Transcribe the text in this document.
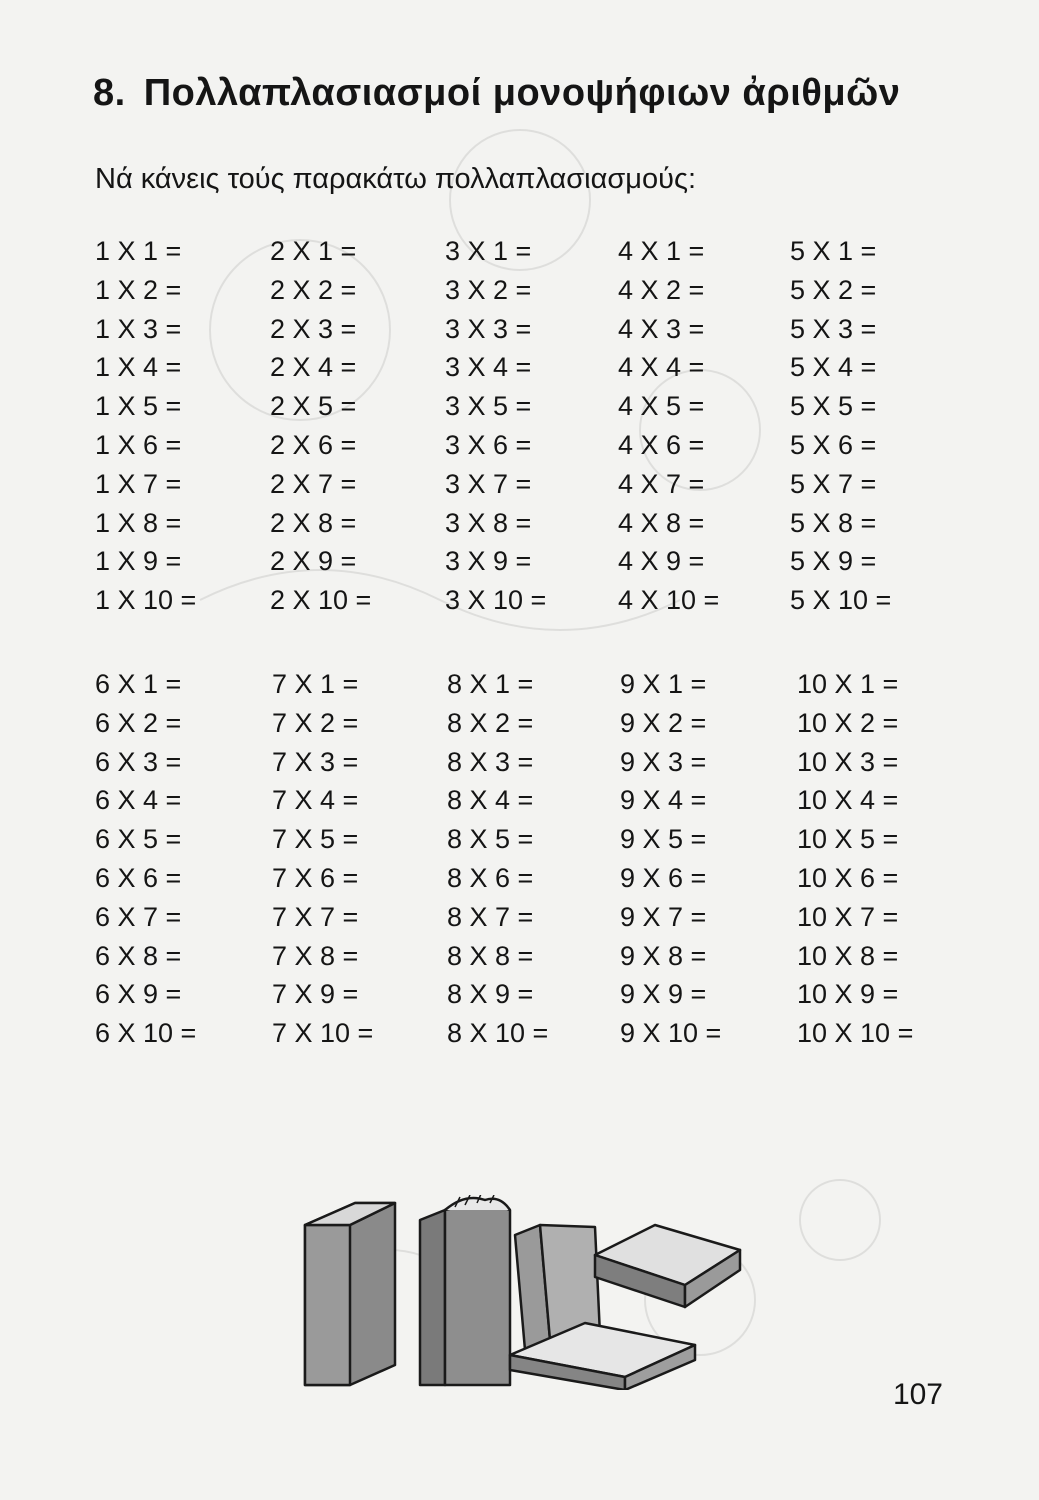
8. Πολλαπλασιασμοί μονοψήφιων ἀριθμῶν
Νά κάνεις τούς παρακάτω πολλαπλασιασμούς:
1 X 1 =
1 X 2 =
1 X 3 =
1 X 4 =
1 X 5 =
1 X 6 =
1 X 7 =
1 X 8 =
1 X 9 =
1 X 10 =
2 X 1 =
2 X 2 =
2 X 3 =
2 X 4 =
2 X 5 =
2 X 6 =
2 X 7 =
2 X 8 =
2 X 9 =
2 X 10 =
3 X 1 =
3 X 2 =
3 X 3 =
3 X 4 =
3 X 5 =
3 X 6 =
3 X 7 =
3 X 8 =
3 X 9 =
3 X 10 =
4 X 1 =
4 X 2 =
4 X 3 =
4 X 4 =
4 X 5 =
4 X 6 =
4 X 7 =
4 X 8 =
4 X 9 =
4 X 10 =
5 X 1 =
5 X 2 =
5 X 3 =
5 X 4 =
5 X 5 =
5 X 6 =
5 X 7 =
5 X 8 =
5 X 9 =
5 X 10 =
6 X 1 =
6 X 2 =
6 X 3 =
6 X 4 =
6 X 5 =
6 X 6 =
6 X 7 =
6 X 8 =
6 X 9 =
6 X 10 =
7 X 1 =
7 X 2 =
7 X 3 =
7 X 4 =
7 X 5 =
7 X 6 =
7 X 7 =
7 X 8 =
7 X 9 =
7 X 10 =
8 X 1 =
8 X 2 =
8 X 3 =
8 X 4 =
8 X 5 =
8 X 6 =
8 X 7 =
8 X 8 =
8 X 9 =
8 X 10 =
9 X 1 =
9 X 2 =
9 X 3 =
9 X 4 =
9 X 5 =
9 X 6 =
9 X 7 =
9 X 8 =
9 X 9 =
9 X 10 =
10 X 1 =
10 X 2 =
10 X 3 =
10 X 4 =
10 X 5 =
10 X 6 =
10 X 7 =
10 X 8 =
10 X 9 =
10 X 10 =
107
